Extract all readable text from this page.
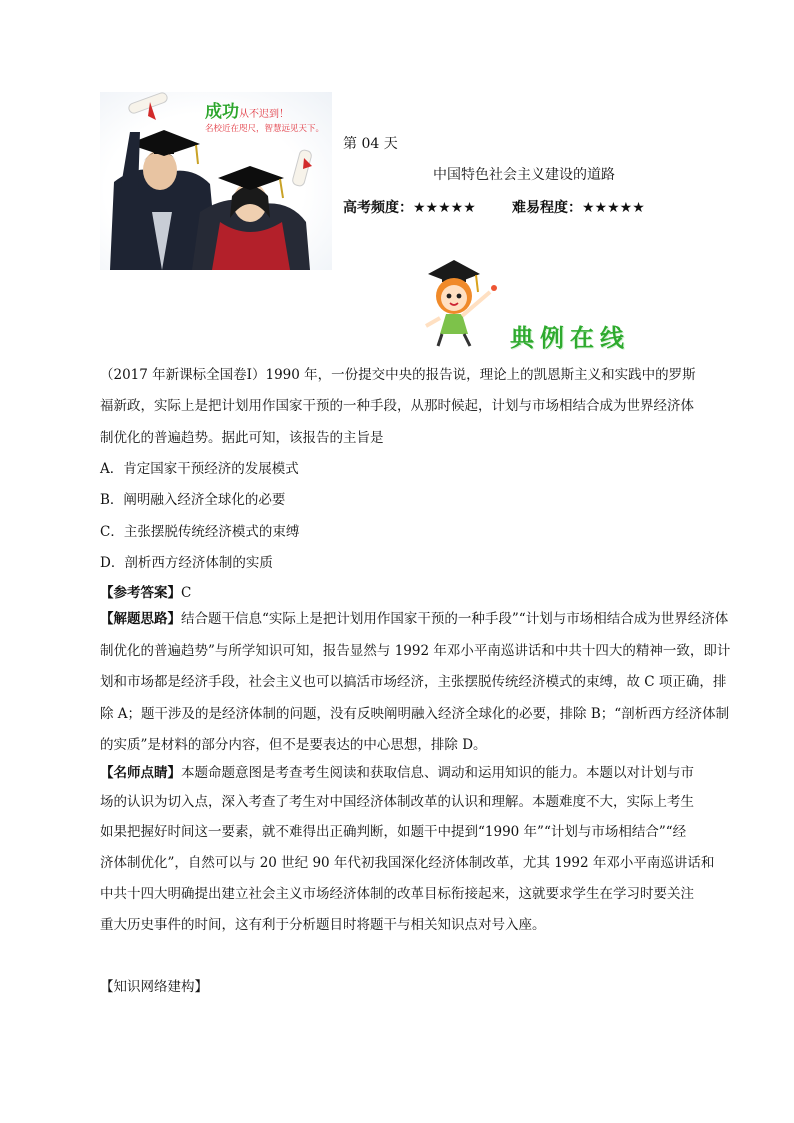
成功从不迟到！
名校近在咫尺，智慧远见天下。
第 04 天
中国特色社会主义建设的道路
高考频度：★★★★★	难易程度：★★★★★
典例在线
（2017 年新课标全国卷Ⅰ）1990 年，一份提交中央的报告说，理论上的凯恩斯主义和实践中的罗斯
福新政，实际上是把计划用作国家干预的一种手段，从那时候起，计划与市场相结合成为世界经济体
制优化的普遍趋势。据此可知，该报告的主旨是
A．肯定国家干预经济的发展模式
B．阐明融入经济全球化的必要
C．主张摆脱传统经济模式的束缚
D．剖析西方经济体制的实质
【参考答案】C
【解题思路】结合题干信息“实际上是把计划用作国家干预的一种手段”“计划与市场相结合成为世界经济体
制优化的普遍趋势”与所学知识可知，报告显然与 1992 年邓小平南巡讲话和中共十四大的精神一致，即计
划和市场都是经济手段，社会主义也可以搞活市场经济，主张摆脱传统经济模式的束缚，故 C 项正确，排
除 A；题干涉及的是经济体制的问题，没有反映阐明融入经济全球化的必要，排除 B；“剖析西方经济体制
的实质”是材料的部分内容，但不是要表达的中心思想，排除 D。
【名师点睛】本题命题意图是考查考生阅读和获取信息、调动和运用知识的能力。本题以对计划与市
场的认识为切入点，深入考查了考生对中国经济体制改革的认识和理解。本题难度不大，实际上考生
如果把握好时间这一要素，就不难得出正确判断，如题干中提到“1990 年”“计划与市场相结合”“经
济体制优化”，自然可以与 20 世纪 90 年代初我国深化经济体制改革，尤其 1992 年邓小平南巡讲话和
中共十四大明确提出建立社会主义市场经济体制的改革目标衔接起来，这就要求学生在学习时要关注
重大历史事件的时间，这有利于分析题目时将题干与相关知识点对号入座。
【知识网络建构】
